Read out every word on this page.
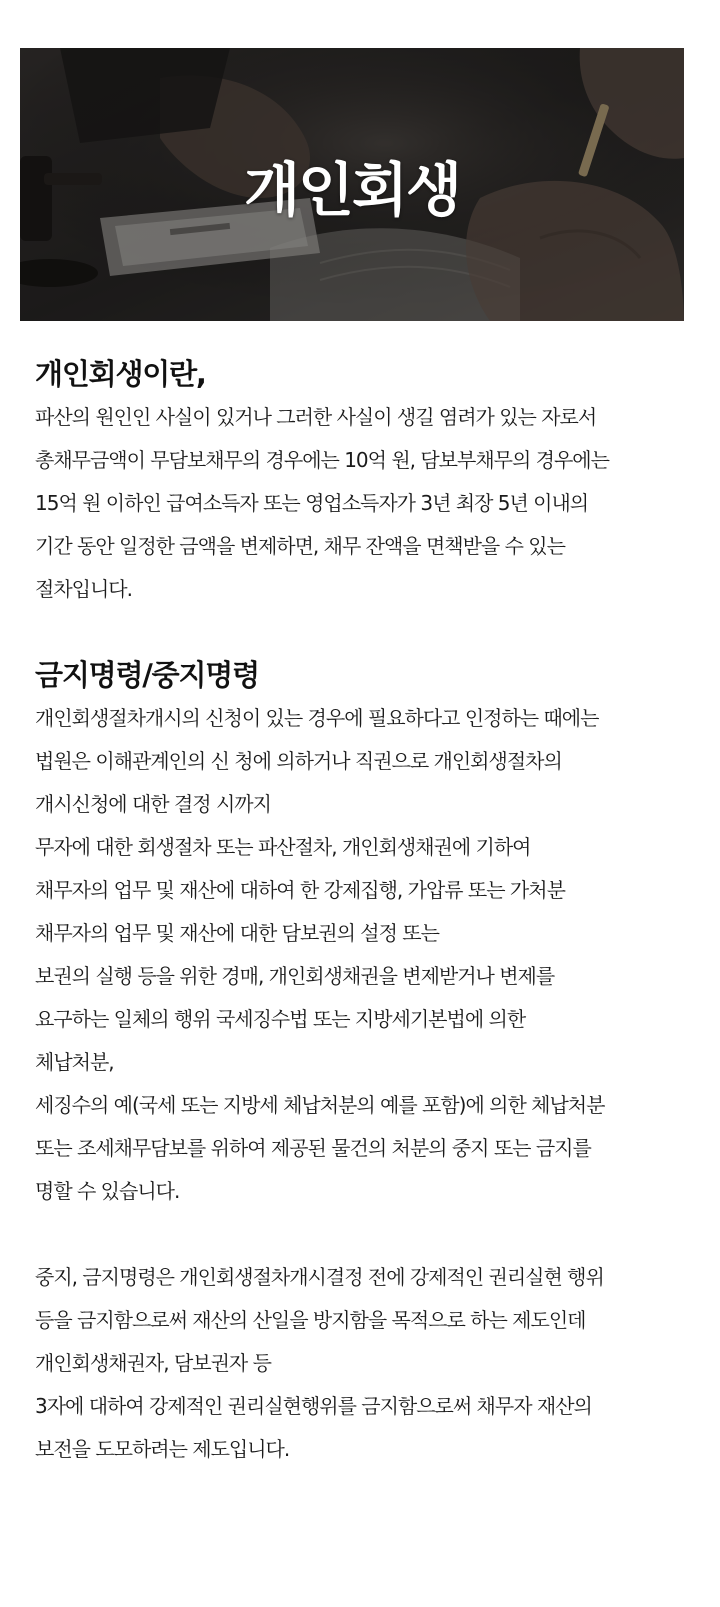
개인회생
개인회생이란,
파산의 원인인 사실이 있거나 그러한 사실이 생길 염려가 있는 자로서
총채무금액이 무담보채무의 경우에는 10억 원, 담보부채무의 경우에는
15억 원 이하인 급여소득자 또는 영업소득자가 3년 최장 5년 이내의
기간 동안 일정한 금액을 변제하면, 채무 잔액을 면책받을 수 있는
절차입니다.
금지명령/중지명령
개인회생절차개시의 신청이 있는 경우에 필요하다고 인정하는 때에는
법원은 이해관계인의 신 청에 의하거나 직권으로 개인회생절차의
개시신청에 대한 결정 시까지
무자에 대한 회생절차 또는 파산절차, 개인회생채권에 기하여
채무자의 업무 및 재산에 대하여 한 강제집행, 가압류 또는 가처분
채무자의 업무 및 재산에 대한 담보권의 설정 또는
보권의 실행 등을 위한 경매, 개인회생채권을 변제받거나 변제를
요구하는 일체의 행위 국세징수법 또는 지방세기본법에 의한
체납처분,
세징수의 예(국세 또는 지방세 체납처분의 예를 포함)에 의한 체납처분
또는 조세채무담보를 위하여 제공된 물건의 처분의 중지 또는 금지를
명할 수 있습니다.
중지, 금지명령은 개인회생절차개시결정 전에 강제적인 권리실현 행위
등을 금지함으로써 재산의 산일을 방지함을 목적으로 하는 제도인데
개인회생채권자, 담보권자 등
3자에 대하여 강제적인 권리실현행위를 금지함으로써 채무자 재산의
보전을 도모하려는 제도입니다.
